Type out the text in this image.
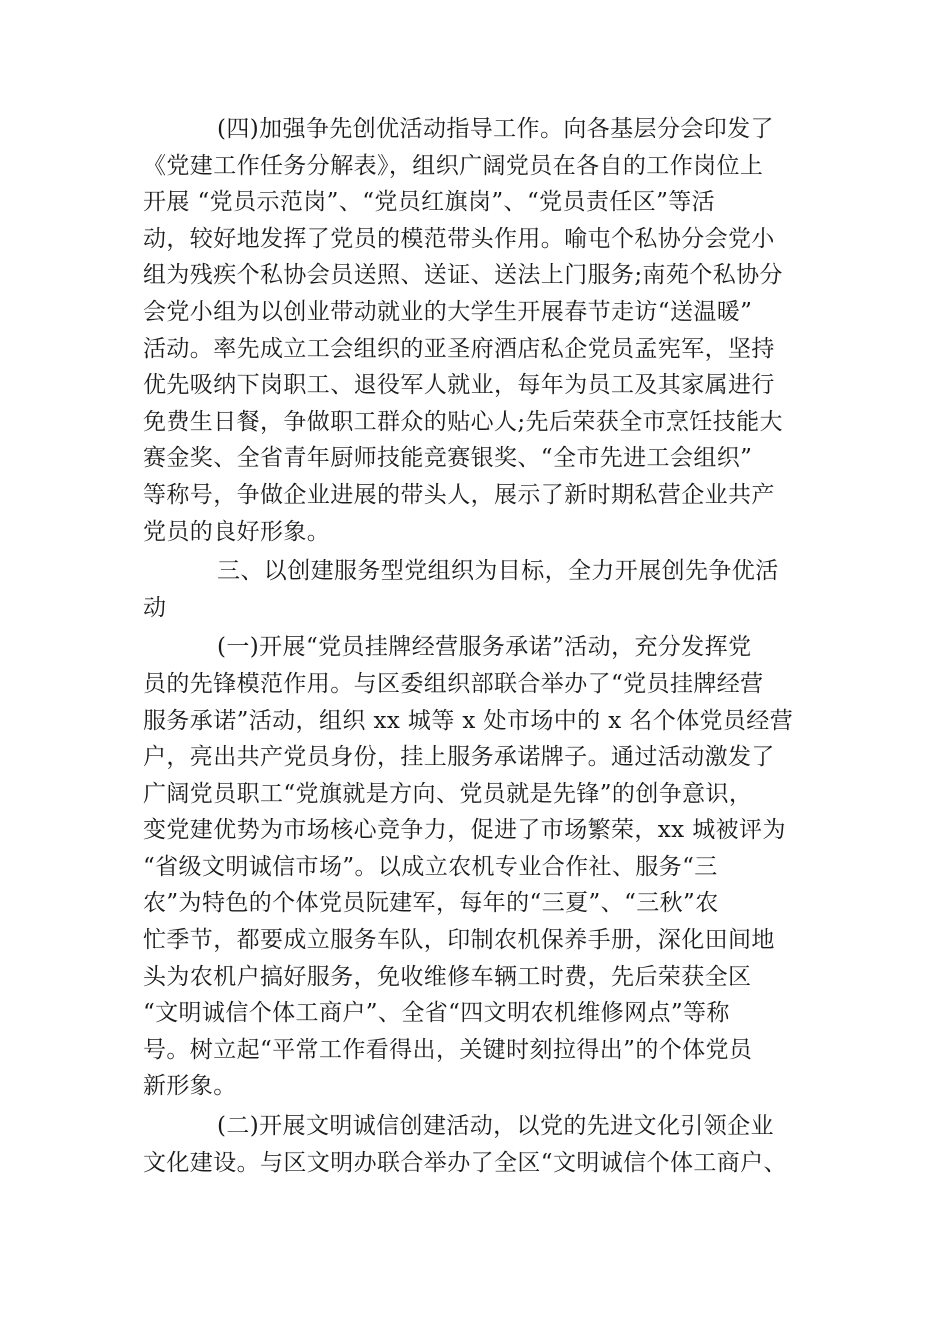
(四)加强争先创优活动指导工作。向各基层分会印发了
《党建工作任务分解表》，组织广阔党员在各自的工作岗位上
开展 “党员示范岗”、“党员红旗岗”、“党员责任区”等活
动，较好地发挥了党员的模范带头作用。喻屯个私协分会党小
组为残疾个私协会员送照、送证、送法上门服务;南苑个私协分
会党小组为以创业带动就业的大学生开展春节走访“送温暖”
活动。率先成立工会组织的亚圣府酒店私企党员孟宪军，坚持
优先吸纳下岗职工、退役军人就业，每年为员工及其家属进行
免费生日餐，争做职工群众的贴心人;先后荣获全市烹饪技能大
赛金奖、全省青年厨师技能竞赛银奖、“全市先进工会组织”
等称号，争做企业进展的带头人，展示了新时期私营企业共产
党员的良好形象。
三、以创建服务型党组织为目标，全力开展创先争优活
动
(一)开展“党员挂牌经营服务承诺”活动，充分发挥党
员的先锋模范作用。与区委组织部联合举办了“党员挂牌经营
服务承诺”活动，组织 xx 城等 x 处市场中的 x 名个体党员经营
户，亮出共产党员身份，挂上服务承诺牌子。通过活动激发了
广阔党员职工“党旗就是方向、党员就是先锋”的创争意识，
变党建优势为市场核心竞争力，促进了市场繁荣，xx 城被评为
“省级文明诚信市场”。以成立农机专业合作社、服务“三
农”为特色的个体党员阮建军，每年的“三夏”、“三秋”农
忙季节，都要成立服务车队，印制农机保养手册，深化田间地
头为农机户搞好服务，免收维修车辆工时费，先后荣获全区
“文明诚信个体工商户”、全省“四文明农机维修网点”等称
号。树立起“平常工作看得出，关键时刻拉得出”的个体党员
新形象。
(二)开展文明诚信创建活动，以党的先进文化引领企业
文化建设。与区文明办联合举办了全区“文明诚信个体工商户、
